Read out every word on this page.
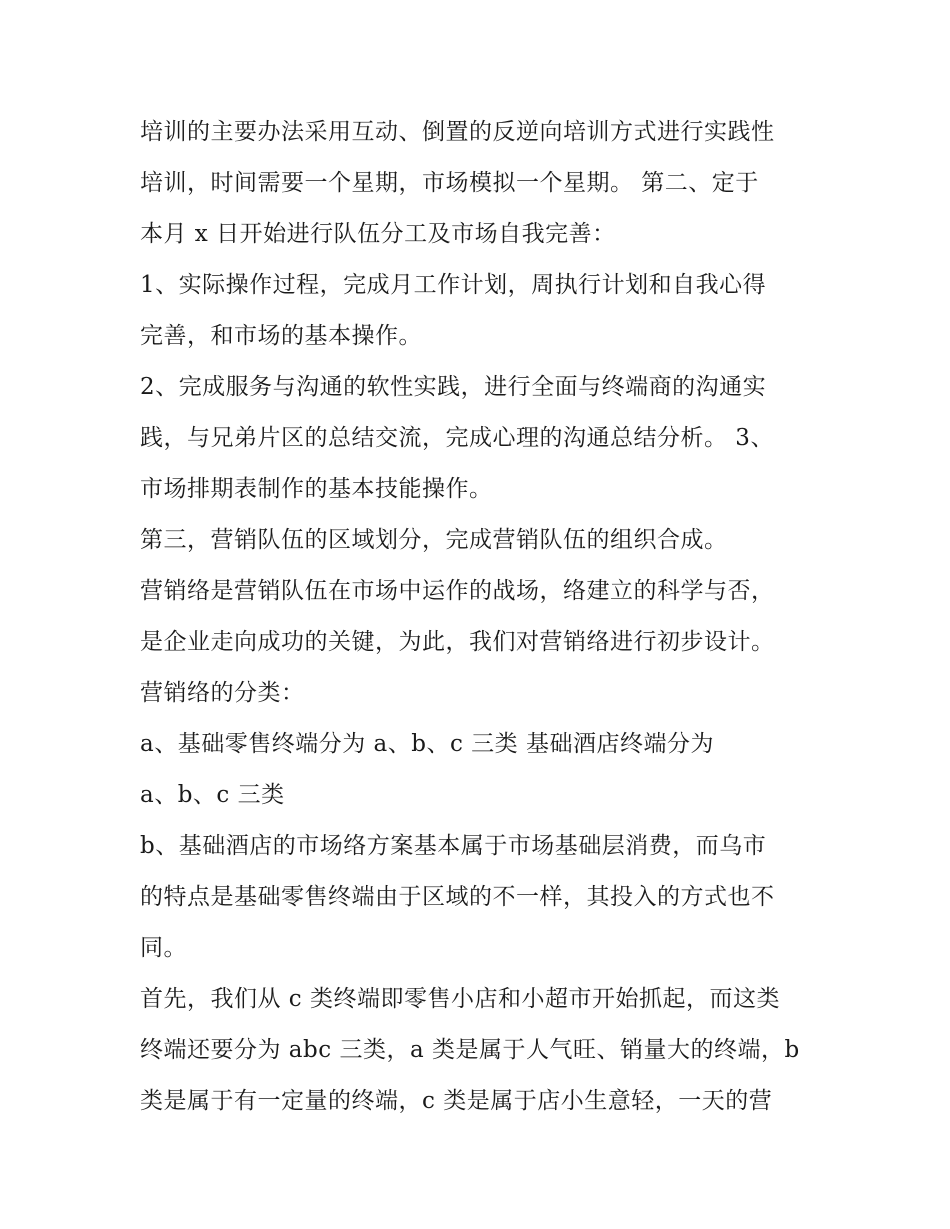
培训的主要办法采用互动、倒置的反逆向培训方式进行实践性
培训，时间需要一个星期，市场模拟一个星期。 第二、定于
本月 x 日开始进行队伍分工及市场自我完善：
1、实际操作过程，完成月工作计划，周执行计划和自我心得
完善，和市场的基本操作。
2、完成服务与沟通的软性实践，进行全面与终端商的沟通实
践，与兄弟片区的总结交流，完成心理的沟通总结分析。 3、
市场排期表制作的基本技能操作。
第三，营销队伍的区域划分，完成营销队伍的组织合成。
营销络是营销队伍在市场中运作的战场，络建立的科学与否，
是企业走向成功的关键，为此，我们对营销络进行初步设计。
营销络的分类：
a、基础零售终端分为 a、b、c 三类 基础酒店终端分为
a、b、c 三类
b、基础酒店的市场络方案基本属于市场基础层消费，而乌市
的特点是基础零售终端由于区域的不一样，其投入的方式也不
同。
首先，我们从 c 类终端即零售小店和小超市开始抓起，而这类
终端还要分为 abc 三类，a 类是属于人气旺、销量大的终端，b
类是属于有一定量的终端，c 类是属于店小生意轻，一天的营
